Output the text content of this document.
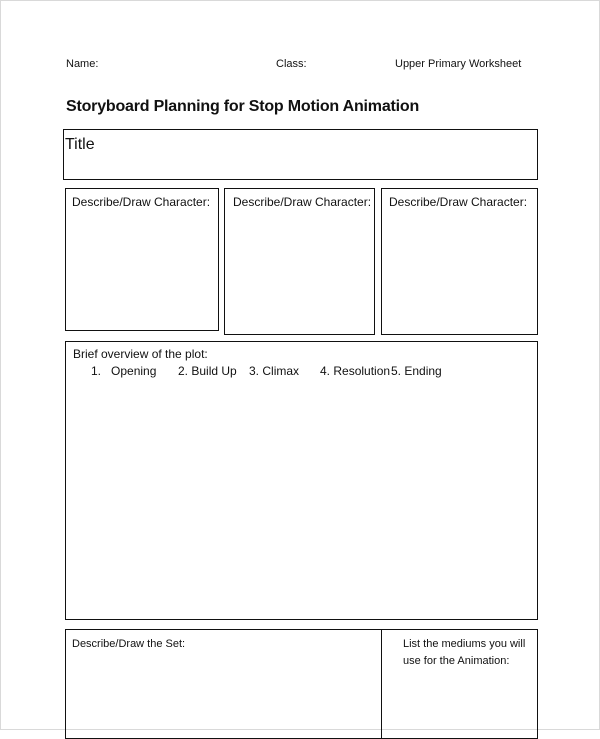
Name:	Class:	Upper Primary Worksheet
Storyboard Planning for Stop Motion Animation
Title
Describe/Draw Character: Describe/Draw Character: Describe/Draw Character:
Brief overview of the plot:
1. Opening 2. Build Up 3. Climax 4. Resolution 5. Ending
Describe/Draw the Set:	List the mediums you will use for the Animation:
